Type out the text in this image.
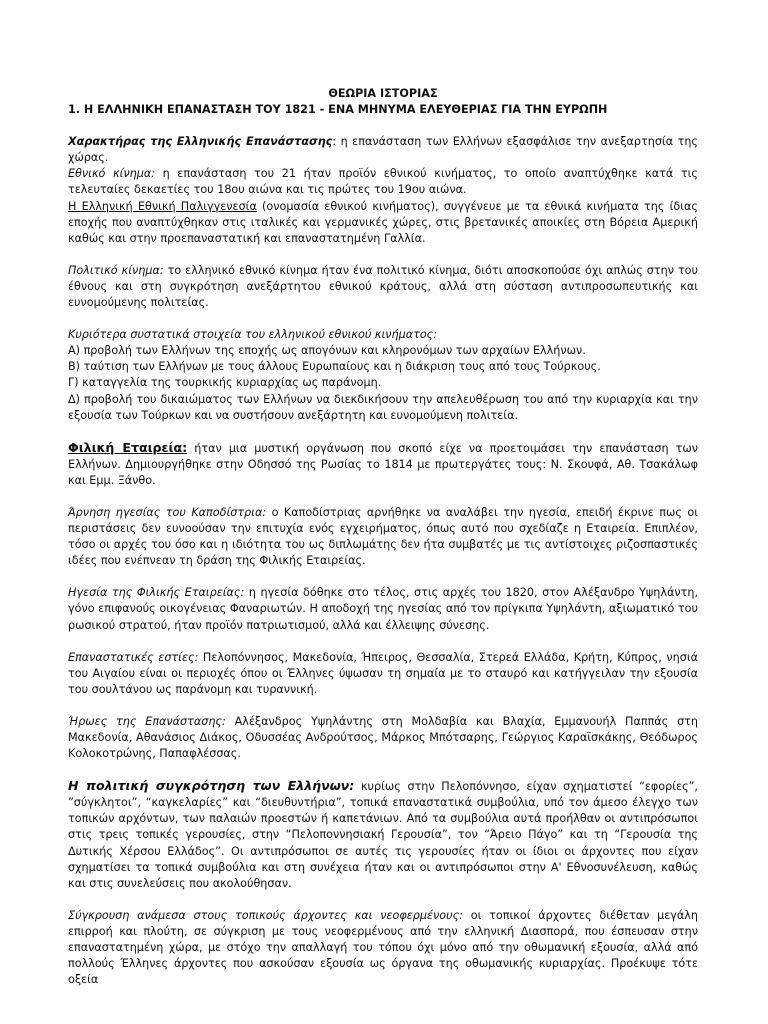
ΘΕΩΡΙΑ ΙΣΤΟΡΙΑΣ

1. Η ΕΛΛΗΝΙΚΗ ΕΠΑΝΑΣΤΑΣΗ ΤΟΥ 1821 - ΕΝΑ ΜΗΝΥΜΑ ΕΛΕΥΘΕΡΙΑΣ ΓΙΑ ΤΗΝ ΕΥΡΩΠΗ

Χαρακτήρας της Ελληνικής Επανάστασης: η επανάσταση των Ελλήνων εξασφάλισε την ανεξαρτησία της χώρας.

Εθνικό κίνημα: η επανάσταση του 21 ήταν προϊόν εθνικού κινήματος, το οποίο αναπτύχθηκε κατά τις τελευταίες δεκαετίες του 18ου αιώνα και τις πρώτες του 19ου αιώνα.

Η Ελληνική Εθνική Παλιγγενεσία (ονομασία εθνικού κινήματος), συγγένευε με τα εθνικά κινήματα της ίδιας εποχής που αναπτύχθηκαν στις ιταλικές και γερμανικές χώρες, στις βρετανικές αποικίες στη Βόρεια Αμερική καθώς και στην προεπαναστατική και επαναστατημένη Γαλλία.

Πολιτικό κίνημα: το ελληνικό εθνικό κίνημα ήταν ένα πολιτικό κίνημα, διότι αποσκοπούσε όχι απλώς στην του έθνους και στη συγκρότηση ανεξάρτητου εθνικού κράτους, αλλά στη σύσταση αντιπροσωπευτικής και ευνομούμενης πολιτείας.

Κυριότερα συστατικά στοιχεία του ελληνικού εθνικού κινήματος:

Α) προβολή των Ελλήνων της εποχής ως απογόνων και κληρονόμων των αρχαίων Ελλήνων.

Β) ταύτιση των Ελλήνων με τους άλλους Ευρωπαίους και η διάκριση τους από τους Τούρκους.

Γ) καταγγελία της τουρκικής κυριαρχίας ως παράνομη.

Δ) προβολή του δικαιώματος των Ελλήνων να διεκδικήσουν την απελευθέρωση του από την κυριαρχία και την εξουσία των Τούρκων και να συστήσουν ανεξάρτητη και ευνομούμενη πολιτεία.

Φιλική Εταιρεία: ήταν μια μυστική οργάνωση που σκοπό είχε να προετοιμάσει την επανάσταση των Ελλήνων. Δημιουργήθηκε στην Οδησσό της Ρωσίας το 1814 με πρωτεργάτες τους: Ν. Σκουφά, Αθ. Τσακάλωφ και Εμμ. Ξάνθο.

Άρνηση ηγεσίας του Καποδίστρια: ο Καποδίστριας αρνήθηκε να αναλάβει την ηγεσία, επειδή έκρινε πως οι περιστάσεις δεν ευνοούσαν την επιτυχία ενός εγχειρήματος, όπως αυτό που σχεδίαζε η Εταιρεία. Επιπλέον, τόσο οι αρχές του όσο και η ιδιότητα του ως διπλωμάτης δεν ήτα συμβατές με τις αντίστοιχες ριζοσπαστικές ιδέες που ενέπνεαν τη δράση της Φιλικής Εταιρείας.

Ηγεσία της Φιλικής Εταιρείας: η ηγεσία δόθηκε στο τέλος, στις αρχές του 1820, στον Αλέξανδρο Υψηλάντη, γόνο επιφανούς οικογένειας Φαναριωτών. Η αποδοχή της ηγεσίας από τον πρίγκιπα Υψηλάντη, αξιωματικό του ρωσικού στρατού, ήταν προϊόν πατριωτισμού, αλλά και έλλειψης σύνεσης.

Επαναστατικές εστίες: Πελοπόννησος, Μακεδονία, Ήπειρος, Θεσσαλία, Στερεά Ελλάδα, Κρήτη, Κύπρος, νησιά του Αιγαίου είναι οι περιοχές όπου οι Έλληνες ύψωσαν τη σημαία με το σταυρό και κατήγγειλαν την εξουσία του σουλτάνου ως παράνομη και τυραννική.

Ήρωες της Επανάστασης: Αλέξανδρος Υψηλάντης στη Μολδαβία και Βλαχία, Εμμανουήλ Παππάς στη Μακεδονία, Αθανάσιος Διάκος, Οδυσσέας Ανδρούτσος, Μάρκος Μπότσαρης, Γεώργιος Καραϊσκάκης, Θεόδωρος Κολοκοτρώνης, Παπαφλέσσας.

Η πολιτική συγκρότηση των Ελλήνων: κυρίως στην Πελοπόννησο, είχαν σχηματιστεί “εφορίες”, ”σύγκλητοι”, “καγκελαρίες” και “διευθυντήρια”, τοπικά επαναστατικά συμβούλια, υπό τον άμεσο έλεγχο των τοπικών αρχόντων, των παλαιών προεστών ή καπετάνιων. Από τα συμβούλια αυτά προήλθαν οι αντιπρόσωποι στις τρεις τοπικές γερουσίες, στην “Πελοποννησιακή Γερουσία”, τον “Άρειο Πάγο” και τη “Γερουσία της Δυτικής Χέρσου Ελλάδος”. Οι αντιπρόσωποι σε αυτές τις γερουσίες ήταν οι ίδιοι οι άρχοντες που είχαν σχηματίσει τα τοπικά συμβούλια και στη συνέχεια ήταν και οι αντιπρόσωποι στην Α' Εθνοσυνέλευση, καθώς και στις συνελεύσεις που ακολούθησαν.

Σύγκρουση ανάμεσα στους τοπικούς άρχοντες και νεοφερμένους: οι τοπικοί άρχοντες διέθεταν μεγάλη επιρροή και πλούτη, σε σύγκριση με τους νεοφερμένους από την ελληνική Διασπορά, που έσπευσαν στην επαναστατημένη χώρα, με στόχο την απαλλαγή του τόπου όχι μόνο από την οθωμανική εξουσία, αλλά από πολλούς Έλληνες άρχοντες που ασκούσαν εξουσία ως όργανα της οθωμανικής κυριαρχίας. Προέκυψε τότε οξεία
